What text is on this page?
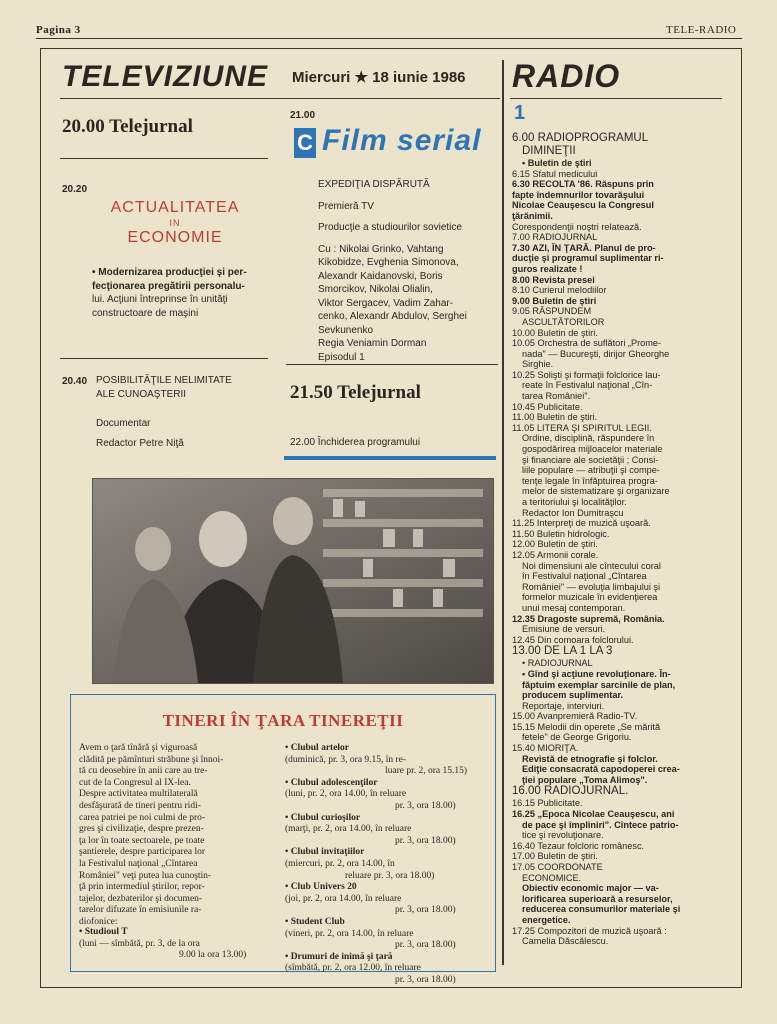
Pagina 3	TELE-RADIO
TELEVIZIUNE Miercuri ★ 18 iunie 1986
20.00 Telejurnal
20.20
ACTUALITATEA
IN
ECONOMIE
• Modernizarea producţiei şi per-
fecţionarea pregătirii personalu-
lui. Acţiuni întreprinse în unităţi
constructoare de maşini
20.40 POSIBILITĂŢILE NELIMITATE
ALE CUNOAŞTERII
Documentar
Redactor Petre Niţă
21.00
C Film serial
EXPEDIŢIA DISPĂRUTĂ
Premieră TV
Producţie a studiourilor sovietice
Cu : Nikolai Grinko, Vahtang
Kikobidze, Evghenia Simonova,
Alexandr Kaidanovski, Boris
Smorcikov, Nikolai Olialin,
Viktor Sergacev, Vadim Zahar-
cenko, Alexandr Abdulov, Serghei
Sevkunenko
Regia Veniamin Dorman
Episodul 1
21.50 Telejurnal
22.00 Închiderea programului
TINERI ÎN ŢARA TINEREŢII
Avem o ţară tînără şi viguroasă
clădită pe pămînturi străbune şi înnoi-
tă cu deosebire în anii care au tre-
cut de la Congresul al IX-lea.
Despre activitatea multilaterală
desfăşurată de tineri pentru ridi-
carea patriei pe noi culmi de pro-
gres şi civilizaţie, despre prezen-
ţa lor în toate sectoarele, pe toate
şantierele, despre participarea lor
la Festivalul naţional „Cîntarea
României" veţi putea lua cunoştin-
ţă prin intermediul ştirilor, repor-
tajelor, dezbaterilor şi documen-
tarelor difuzate în emisiunile ra-
diofonice:
• Studioul T
(luni — sîmbătă, pr. 3, de la ora
9.00 la ora 13.00)
• Clubul artelor
(duminică, pr. 3, ora 9.15, în re-
luare pr. 2, ora 15.15)
• Clubul adolescenţilor
(luni, pr. 2, ora 14.00, în reluare
pr. 3, ora 18.00)
• Clubul curioşilor
(marţi, pr. 2, ora 14.00, în reluare
pr. 3, ora 18.00)
• Clubul invitaţiilor
(miercuri, pr. 2, ora 14.00, în
reluare pr. 3, ora 18.00)
• Club Univers 20
(joi, pr. 2, ora 14.00, în reluare
pr. 3, ora 18.00)
• Student Club
(vineri, pr. 2, ora 14.00, în reluare
pr. 3, ora 18.00)
• Drumuri de inimă şi ţară
(sîmbătă, pr. 2, ora 12.00, în reluare
pr. 3, ora 18.00)
RADIO
1
6.00 RADIOPROGRAMUL
DIMINEŢII
• Buletin de ştiri
6.15 Sfatul medicului
6.30 RECOLTA '86. Răspuns prin
fapte îndemnurilor tovarăşului
Nicolae Ceauşescu la Congresul
ţărănimii.
Corespondenţii noştri relatează.
7.00 RADIOJURNAL
7.30 AZI, ÎN ŢARĂ. Planul de pro-
ducţie şi programul suplimentar ri-
guros realizate !
8.00 Revista presei
8.10 Curierul melodiilor
9.00 Buletin de ştiri
9.05 RĂSPUNDEM
ASCULTĂTORILOR
10.00 Buletin de ştiri.
10.05 Orchestra de suflători „Prome-
nada" — Bucureşti, dirijor Gheorghe
Sirghie.
10.25 Solişti şi formaţii folclorice lau-
reate în Festivalul naţional „Cîn-
tarea României".
10.45 Publicitate.
11.00 Buletin de ştiri.
11.05 LITERA ŞI SPIRITUL LEGII.
Ordine, disciplină, răspundere în
gospodărirea mijloacelor materiale
şi financiare ale societăţii ; Consi-
liile populare — atribuţii şi compe-
tenţe legale în înfăptuirea progra-
melor de sistematizare şi organizare
a teritoriului şi localităţilor.
Redactor Ion Dumitraşcu
11.25 Interpreţi de muzică uşoară.
11.50 Buletin hidrologic.
12.00 Buletin de ştiri.
12.05 Armonii corale.
Noi dimensiuni ale cîntecului coral
în Festivalul naţional „Cîntarea
României" — evoluţia limbajului şi
formelor muzicale în evidenţierea
unui mesaj contemporan.
12.35 Dragoste supremă, România.
Emisiune de versuri.
12.45 Din comoara folclorului.
13.00 DE LA 1 LA 3
• RADIOJURNAL
• Gînd şi acţiune revoluţionare. În-
făptuim exemplar sarcinile de plan,
producem suplimentar.
Reportaje, interviuri.
15.00 Avanpremieră Radio-TV.
15.15 Melodii din operete „Se mărită
fetele" de George Grigoriu.
15.40 MIORIŢA.
Revistă de etnografie şi folclor.
Ediţie consacrată capodoperei crea-
ţiei populare „Toma Alimoş".
16.00 RADIOJURNAL.
16.15 Publicitate.
16.25 „Epoca Nicolae Ceauşescu, ani
de pace şi împliniri". Cîntece patrio-
tice şi revoluţionare.
16.40 Tezaur folcloric românesc.
17.00 Buletin de ştiri.
17.05 COORDONATE
ECONOMICE.
Obiectiv economic major — va-
lorificarea superioară a resurselor,
reducerea consumurilor materiale şi
energetice.
17.25 Compozitori de muzică uşoară :
Camelia Dăscălescu.
